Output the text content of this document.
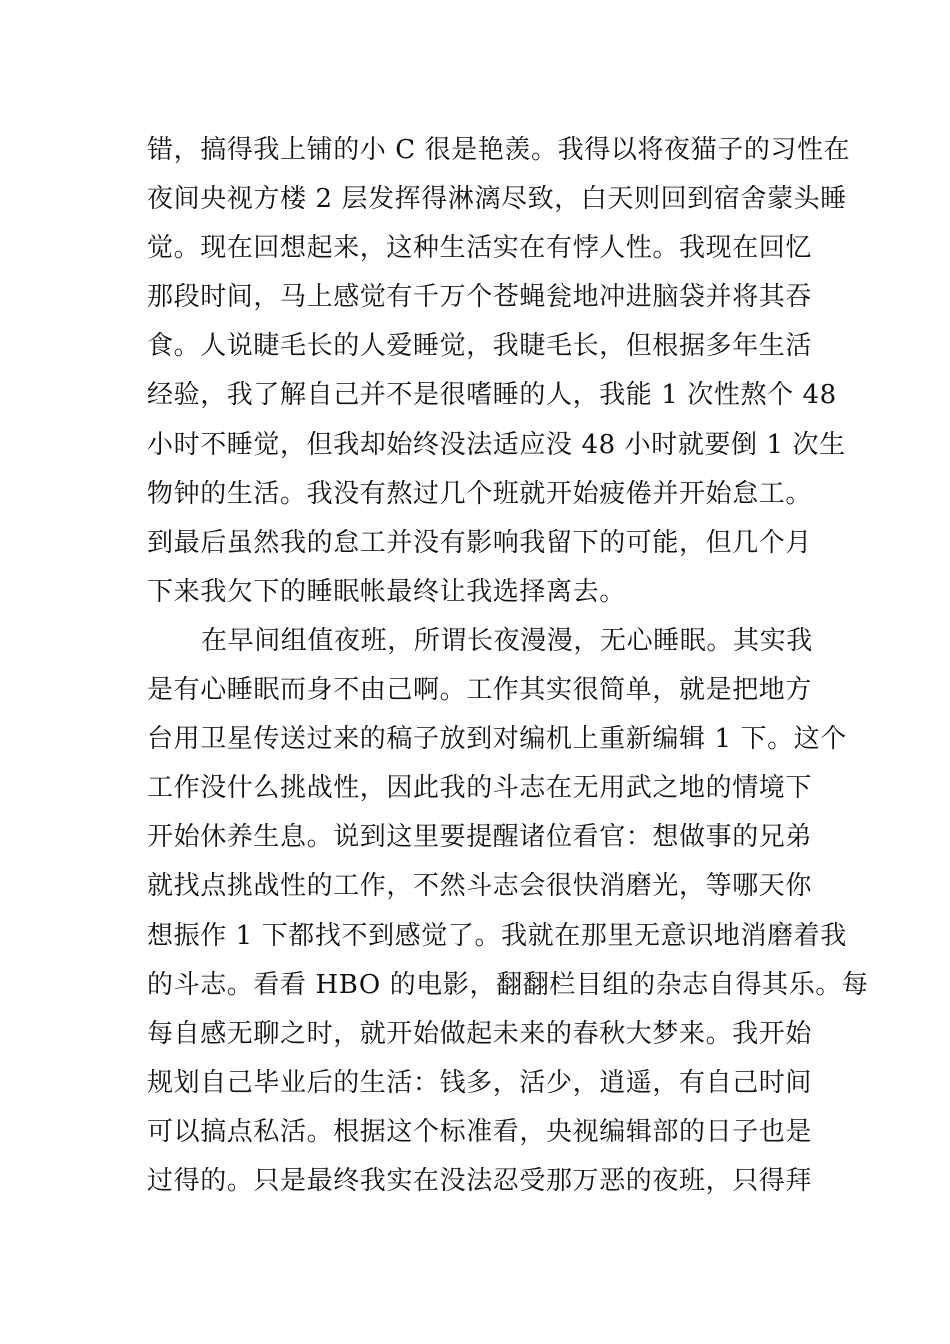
错，搞得我上铺的小 C 很是艳羡。我得以将夜猫子的习性在
夜间央视方楼 2 层发挥得淋漓尽致，白天则回到宿舍蒙头睡
觉。现在回想起来，这种生活实在有悖人性。我现在回忆
那段时间，马上感觉有千万个苍蝇瓮地冲进脑袋并将其吞
食。人说睫毛长的人爱睡觉，我睫毛长，但根据多年生活
经验，我了解自己并不是很嗜睡的人，我能 1 次性熬个 48
小时不睡觉，但我却始终没法适应没 48 小时就要倒 1 次生
物钟的生活。我没有熬过几个班就开始疲倦并开始怠工。
到最后虽然我的怠工并没有影响我留下的可能，但几个月
下来我欠下的睡眠帐最终让我选择离去。
在早间组值夜班，所谓长夜漫漫，无心睡眠。其实我
是有心睡眠而身不由己啊。工作其实很简单，就是把地方
台用卫星传送过来的稿子放到对编机上重新编辑 1 下。这个
工作没什么挑战性，因此我的斗志在无用武之地的情境下
开始休养生息。说到这里要提醒诸位看官：想做事的兄弟
就找点挑战性的工作，不然斗志会很快消磨光，等哪天你
想振作 1 下都找不到感觉了。我就在那里无意识地消磨着我
的斗志。看看 HBO 的电影，翻翻栏目组的杂志自得其乐。每
每自感无聊之时，就开始做起未来的春秋大梦来。我开始
规划自己毕业后的生活：钱多，活少，逍遥，有自己时间
可以搞点私活。根据这个标准看，央视编辑部的日子也是
过得的。只是最终我实在没法忍受那万恶的夜班，只得拜
